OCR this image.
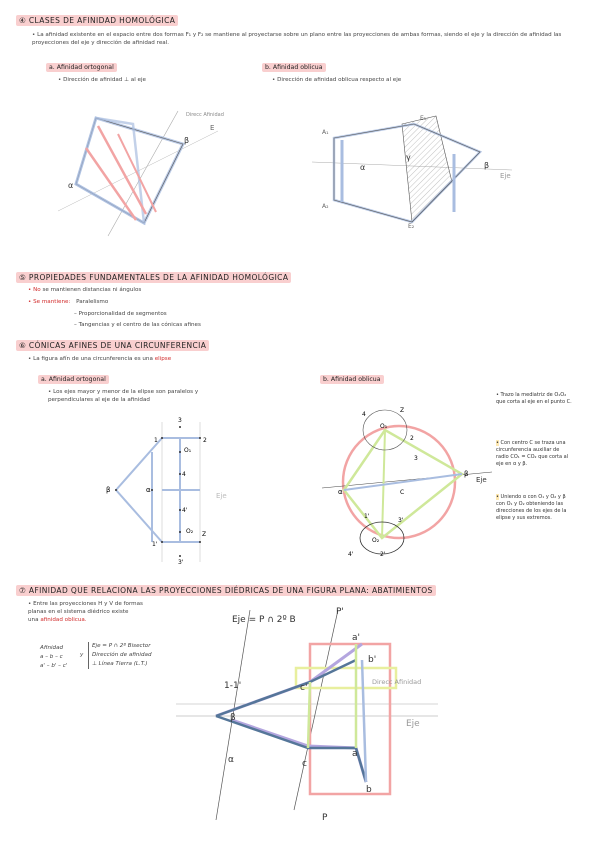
④ CLASES DE AFINIDAD HOMOLÓGICA
• La afinidad existente en el espacio entre dos formas F₁ y F₂ se mantiene al proyectarse sobre un plano entre las proyecciones de ambas formas, siendo el eje y la dirección de afinidad las proyecciones del eje y dirección de afinidad real.
a. Afinidad ortogonal
• Dirección de afinidad ⊥ al eje
b. Afinidad oblicua
• Dirección de afinidad oblicua respecto al eje
Direcc Afinidad
E
α
β
A₁
E₁
β
α
γ
Eje
A₂
E₂
⑤ PROPIEDADES FUNDAMENTALES DE LA AFINIDAD HOMOLÓGICA
• No se mantienen distancias ni ángulos
• Se mantiene: Paralelismo
– Proporcionalidad de segmentos
– Tangencias y el centro de las cónicas afines
⑥ CÓNICAS AFINES DE UNA CIRCUNFERENCIA
• La figura afín de una circunferencia es una elipse
a. Afinidad ortogonal
• Los ejes mayor y menor de la elipse son paralelos y perpendiculares al eje de la afinidad
b. Afinidad oblicua
3
1
O₁
2
4
β	α
4'
O₂
1'
Z
3'
Eje
4
Z
O₁
β
α	C
Eje
3'
O₂
1'
4'	2'
3
2
• Trazo la mediatriz de O₁O₂ que corta al eje en el punto C.
• Con centro C se traza una circunferencia auxiliar de radio CO₁ = CO₂ que corta al eje en α y β.
• Uniendo α con O₁ y O₂ y β con O₁ y O₂ obteniendo las direcciones de los ejes de la elipse y sus extremos.
⑦ AFINIDAD QUE RELACIONA LAS PROYECCIONES DIÉDRICAS DE UNA FIGURA PLANA: ABATIMIENTOS
• Entre las proyecciones H y V de formas
planas en el sistema diédrico existe
una afinidad oblicua.
Afinidad
a – b – c
a' – b' – c'
y
Eje = P ∩ 2º Bisector
Dirección de afinidad
⊥ Línea Tierra (L.T.)
Eje = P ∩ 2º B
P'
a'
b'
1-1'	c'
Direcc Afinidad
β
Eje
α	c
a
b
P
